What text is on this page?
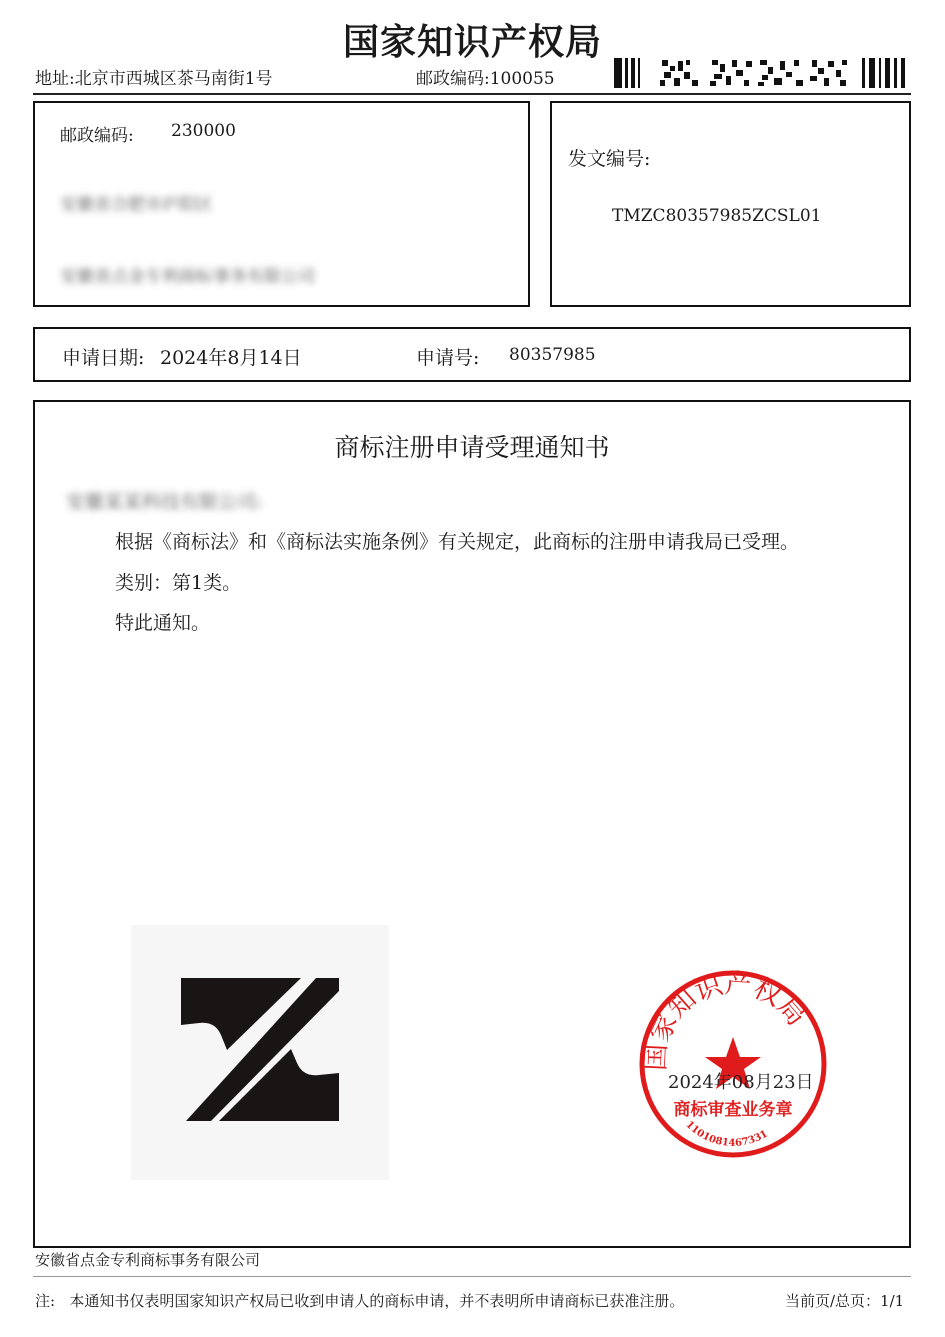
国家知识产权局
地址:北京市西城区茶马南街1号	邮政编码:100055
邮政编码: 230000
安徽省合肥市庐阳区
安徽省点金专利商标事务有限公司
发文编号:
TMZC80357985ZCSL01
申请日期: 2024年8月14日	申请号: 80357985
商标注册申请受理通知书
安徽某某科技有限公司:
根据《商标法》和《商标法实施条例》有关规定，此商标的注册申请我局已受理。
类别：第1类。
特此通知。
国家知识产权局
商标审查业务章
1101081467331
2024年08月23日
安徽省点金专利商标事务有限公司
注:   本通知书仅表明国家知识产权局已收到申请人的商标申请，并不表明所申请商标已获准注册。	当前页/总页：1/1
